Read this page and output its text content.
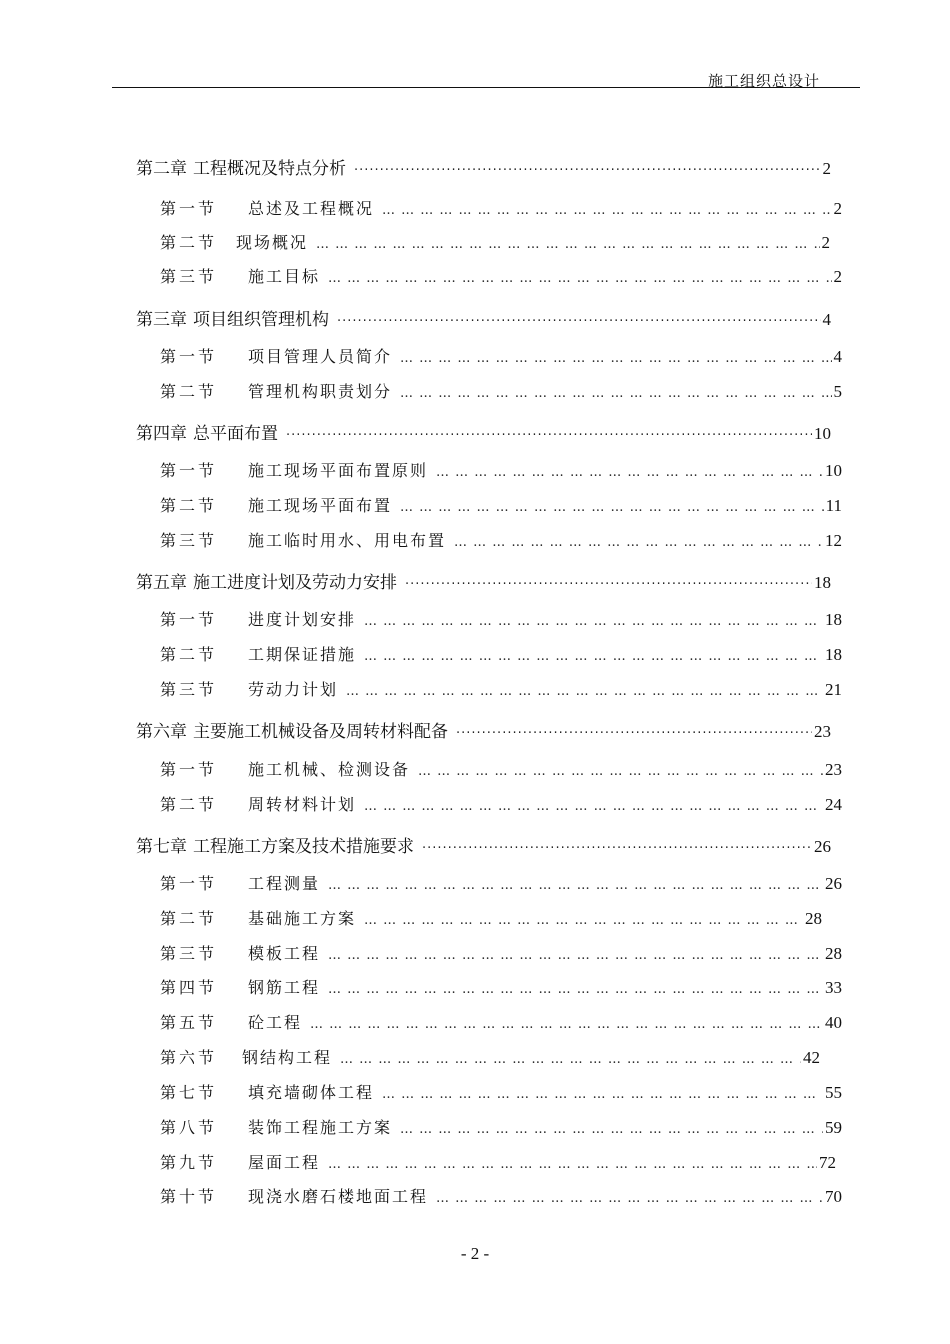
施工组织总设计
第二章 工程概况及特点分析 ·····	2
第一节	总述及工程概况 … … … … … … … … … … … … … … … … … … … … … … … … … … … … … … … … … … … … … … … … … … … … … … … … … … … … …	2
第二节	现场概况 … … … … … … … … … … … … … … … … … … … … … … … … … … … … … … … … … … … … … … … … … … … … … … … … … … … … …	2
第三节	施工目标 … … … … … … … … … … … … … … … … … … … … … … … … … … … … … … … … … … … … … … … … … … … … … … … … … … … … …	2
第三章 项目组织管理机构 ·····	4
第一节	项目管理人员简介 … … … … … … … … … … … … … … … … … … … … … … … … … … … … … … … … … … … … … … … … … … … … … … … … … … … … …	4
第二节	管理机构职责划分 … … … … … … … … … … … … … … … … … … … … … … … … … … … … … … … … … … … … … … … … … … … … … … … … … … … … …	5
第四章 总平面布置 ·····	10
第一节	施工现场平面布置原则 … … … … … … … … … … … … … … … … … … … … … … … … … … … … … … … … … … … … … … … … … … … … … … … … … … … … …	10
第二节	施工现场平面布置 … … … … … … … … … … … … … … … … … … … … … … … … … … … … … … … … … … … … … … … … … … … … … … … … … … … … …	11
第三节	施工临时用水、用电布置 … … … … … … … … … … … … … … … … … … … … … … … … … … … … … … … … … … … … … … … … … … … … … … … … … … … … …	12
第五章 施工进度计划及劳动力安排 ·····	18
第一节	进度计划安排 … … … … … … … … … … … … … … … … … … … … … … … … … … … … … … … … … … … … … … … … … … … … … … … … … … … … …	18
第二节	工期保证措施 … … … … … … … … … … … … … … … … … … … … … … … … … … … … … … … … … … … … … … … … … … … … … … … … … … … … …	18
第三节	劳动力计划 … … … … … … … … … … … … … … … … … … … … … … … … … … … … … … … … … … … … … … … … … … … … … … … … … … … … …	21
第六章 主要施工机械设备及周转材料配备 ·····	23
第一节	施工机械、检测设备 … … … … … … … … … … … … … … … … … … … … … … … … … … … … … … … … … … … … … … … … … … … … … … … … … … … … …	23
第二节	周转材料计划 … … … … … … … … … … … … … … … … … … … … … … … … … … … … … … … … … … … … … … … … … … … … … … … … … … … … …	24
第七章 工程施工方案及技术措施要求 ·····	26
第一节	工程测量 … … … … … … … … … … … … … … … … … … … … … … … … … … … … … … … … … … … … … … … … … … … … … … … … … … … … …	26
第二节	基础施工方案 … … … … … … … … … … … … … … … … … … … … … … … … … … … … … … … … … … … … … … … … … … … … … … … … … … … … …	28
第三节	模板工程 … … … … … … … … … … … … … … … … … … … … … … … … … … … … … … … … … … … … … … … … … … … … … … … … … … … … …	28
第四节	钢筋工程 … … … … … … … … … … … … … … … … … … … … … … … … … … … … … … … … … … … … … … … … … … … … … … … … … … … … …	33
第五节	砼工程 … … … … … … … … … … … … … … … … … … … … … … … … … … … … … … … … … … … … … … … … … … … … … … … … … … … … …	40
第六节	钢结构工程 … … … … … … … … … … … … … … … … … … … … … … … … … … … … … … … … … … … … … … … … … … … … … … … … … … … … …	42
第七节	填充墙砌体工程 … … … … … … … … … … … … … … … … … … … … … … … … … … … … … … … … … … … … … … … … … … … … … … … … … … … … …	55
第八节	装饰工程施工方案 … … … … … … … … … … … … … … … … … … … … … … … … … … … … … … … … … … … … … … … … … … … … … … … … … … … … …	59
第九节	屋面工程 … … … … … … … … … … … … … … … … … … … … … … … … … … … … … … … … … … … … … … … … … … … … … … … … … … … … …	72
第十节	现浇水磨石楼地面工程 … … … … … … … … … … … … … … … … … … … … … … … … … … … … … … … … … … … … … … … … … … … … … … … … … … … … …	70
- 2 -
